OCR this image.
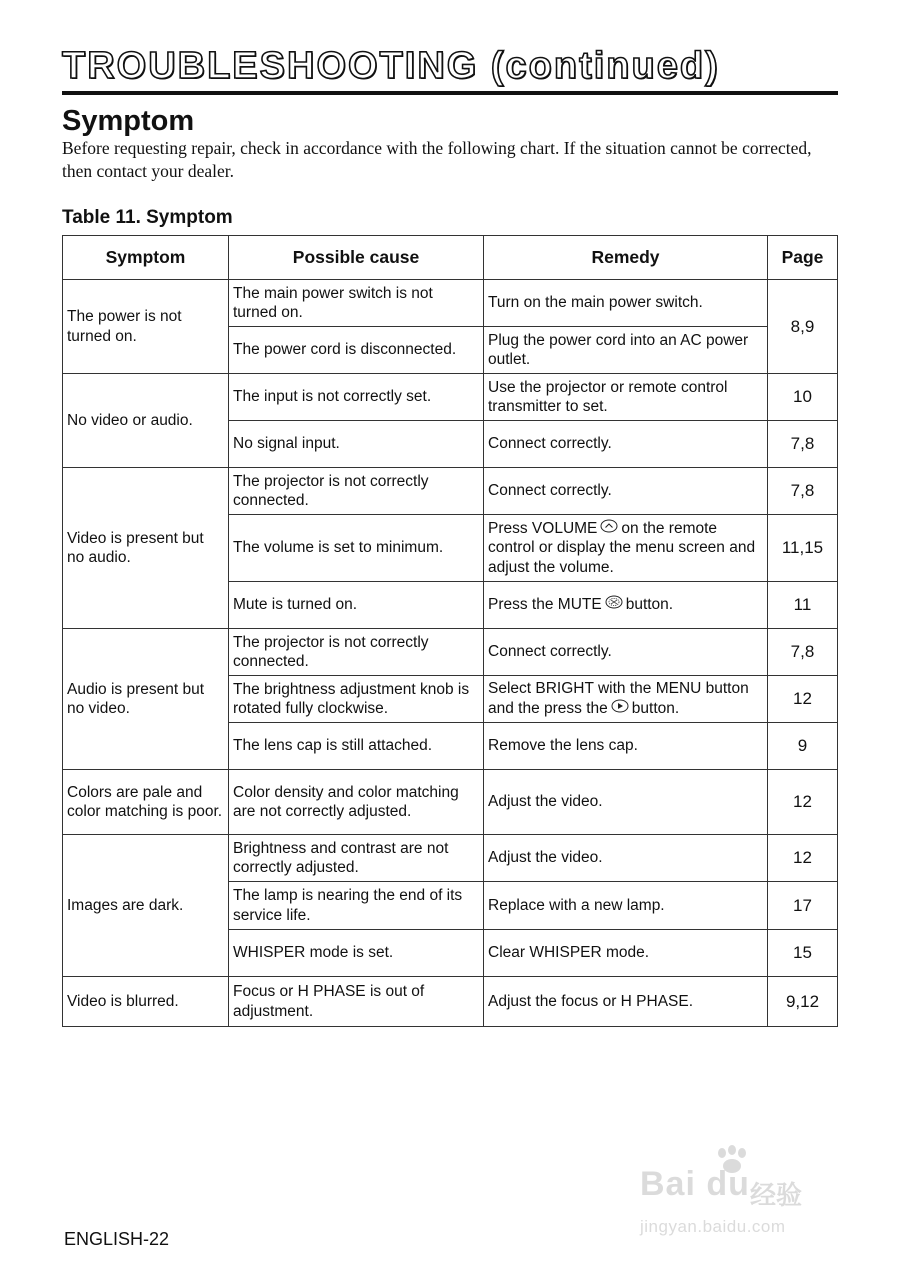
TROUBLESHOOTING (continued)
Symptom

Before requesting repair, check in accordance with the following chart. If the situation cannot be corrected, then contact your dealer.

Table 11. Symptom
Symptom	Possible cause	Remedy	Page
The power is not turned on.	The main power switch is not turned on.	Turn on the main power switch.	8,9
	The power cord is disconnected.	Plug the power cord into an AC power outlet.	
No video or audio.	The input is not correctly set.	Use the projector or remote control transmitter to set.	10
	No signal input.	Connect correctly.	7,8
Video is present but no audio.	The projector is not correctly connected.	Connect correctly.	7,8
	The volume is set to minimum.	Press VOLUME on the remote control or display the menu screen and adjust the volume.	11,15
	Mute is turned on.	Press the MUTE button.	11
Audio is present but no video.	The projector is not correctly connected.	Connect correctly.	7,8
	The brightness adjustment knob is rotated fully clockwise.	Select BRIGHT with the MENU button and the press the button.	12
	The lens cap is still attached.	Remove the lens cap.	9
Colors are pale and color matching is poor.	Color density and color matching are not correctly adjusted.	Adjust the video.	12
Images are dark.	Brightness and contrast are not correctly adjusted.	Adjust the video.	12
	The lamp is nearing the end of its service life.	Replace with a new lamp.	17
	WHISPER mode is set.	Clear WHISPER mode.	15
Video is blurred.	Focus or H PHASE is out of adjustment.	Adjust the focus or H PHASE.	9,12
Bai du 经验
jingyan.baidu.com

ENGLISH-22
